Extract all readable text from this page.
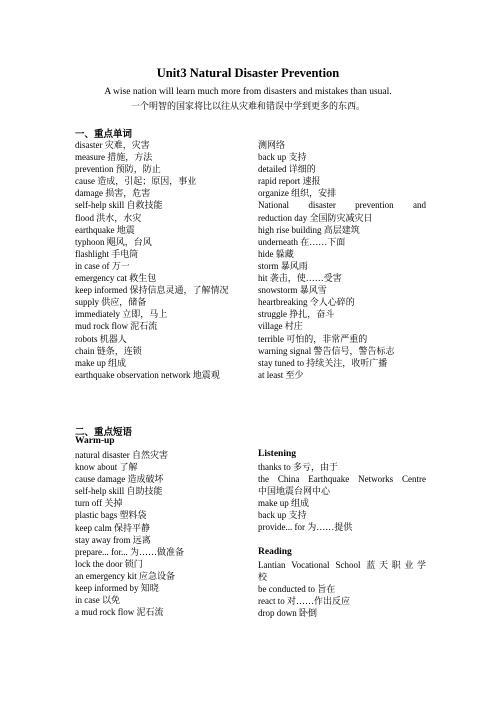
Unit3 Natural Disaster Prevention
A wise nation will learn much more from disasters and mistakes than usual.
一个明智的国家将比以往从灾难和错误中学到更多的东西。
一、重点单词
disaster 灾难，灾害
measure 措施，方法
prevention 预防，防止
cause 造成，引起；原因，事业
damage 损害，危害
self-help skill 自救技能
flood 洪水，水灾
earthquake 地震
typhoon 飓风，台风
flashlight 手电筒
in case of 万一
emergency cat 救生包
keep informed 保持信息灵通，了解情况
supply 供应，储备
immediately 立即，马上
mud rock flow 泥石流
robots 机器人
chain 链条，连锁
make up 组成
earthquake observation network 地震观
测网络
back up 支持
detailed 详细的
rapid report 速报
organize 组织，安排
National disaster prevention and
reduction day 全国防灾减灾日
high rise building 高层建筑
underneath 在……下面
hide 躲藏
storm 暴风雨
hit 袭击，使……受害
snowstorm 暴风雪
heartbreaking 令人心碎的
struggle 挣扎，奋斗
village 村庄
terrible 可怕的，非常严重的
warning signal 警告信号，警告标志
stay tuned to 持续关注，收听广播
at least 至少
二、重点短语
Warm-up
natural disaster 自然灾害
know about 了解
cause damage 造成破坏
self-help skill 自助技能
turn off 关掉
plastic bags 塑料袋
keep calm 保持平静
stay away from 远离
prepare... for... 为……做准备
lock the door 锁门
an emergency kit 应急设备
keep informed by 知晓
in case 以免
a mud rock flow 泥石流
Listening
thanks to 多亏，由于
the China Earthquake Networks Centre
中国地震台网中心
make up 组成
back up 支持
provide... for 为……提供
Reading
Lantian Vocational School 蓝天职业学
校
be conducted to 旨在
react to 对……作出反应
drop down 卧倒
